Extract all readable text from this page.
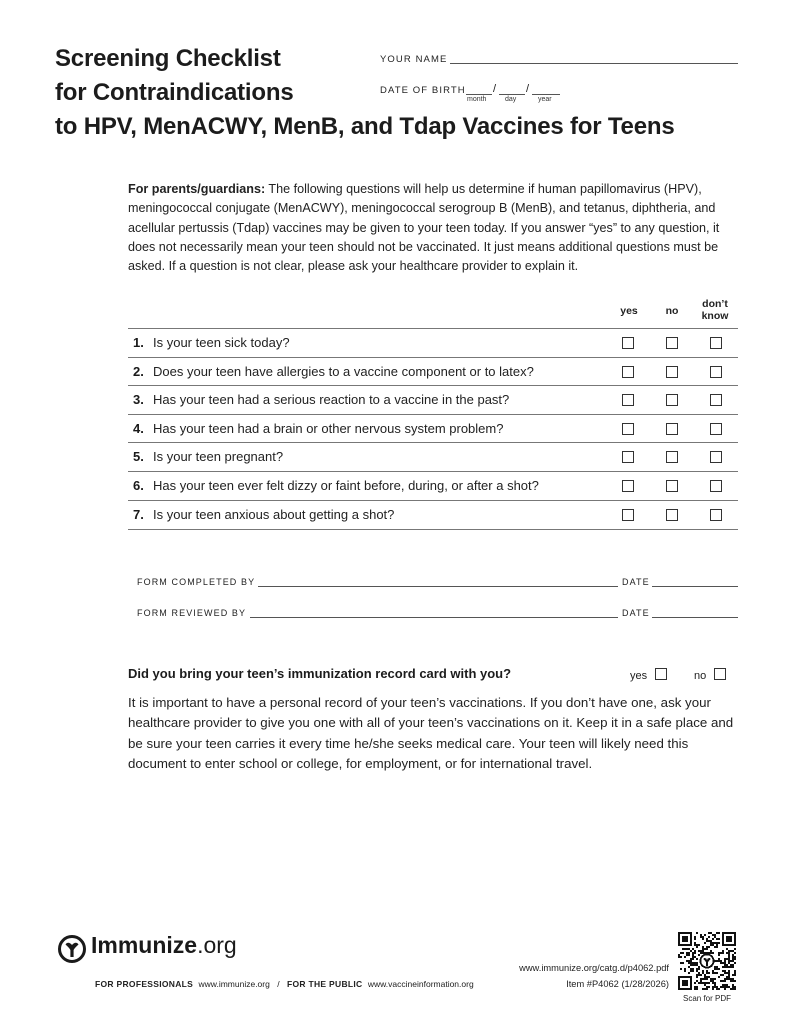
Screening Checklist
for Contraindications
to HPV, MenACWY, MenB, and Tdap Vaccines for Teens
YOUR NAME
DATE OF BIRTH /	/
month	day	year
For parents/guardians: The following questions will help us determine if human papillomavirus (HPV), meningococcal conjugate (MenACWY), meningococcal serogroup B (MenB), and tetanus, diphtheria, and acellular pertussis (Tdap) vaccines may be given to your teen today. If you answer “yes” to any question, it does not necessarily mean your teen should not be vaccinated. It just means additional questions must be asked. If a question is not clear, please ask your healthcare provider to explain it.
yes	no
don’t
know
1. Is your teen sick today?
2. Does your teen have allergies to a vaccine component or to latex?
3. Has your teen had a serious reaction to a vaccine in the past?
4. Has your teen had a brain or other nervous system problem?
5. Is your teen pregnant?
6. Has your teen ever felt dizzy or faint before, during, or after a shot?
7. Is your teen anxious about getting a shot?
FORM COMPLETED BY	DATE
FORM REVIEWED BY	DATE
Did you bring your teen’s immunization record card with you?	yes	no
It is important to have a personal record of your teen’s vaccinations. If you don’t have one, ask your healthcare provider to give you one with all of your teen’s vaccinations on it. Keep it in a safe place and be sure your teen carries it every time he/she seeks medical care. Your teen will likely need this document to enter school or college, for employment, or for international travel.
Immunize.org
FOR PROFESSIONALS www.immunize.org / FOR THE PUBLIC www.vaccineinformation.org
www.immunize.org/catg.d/p4062.pdf
Item #P4062 (1/28/2026)
Scan for PDF
